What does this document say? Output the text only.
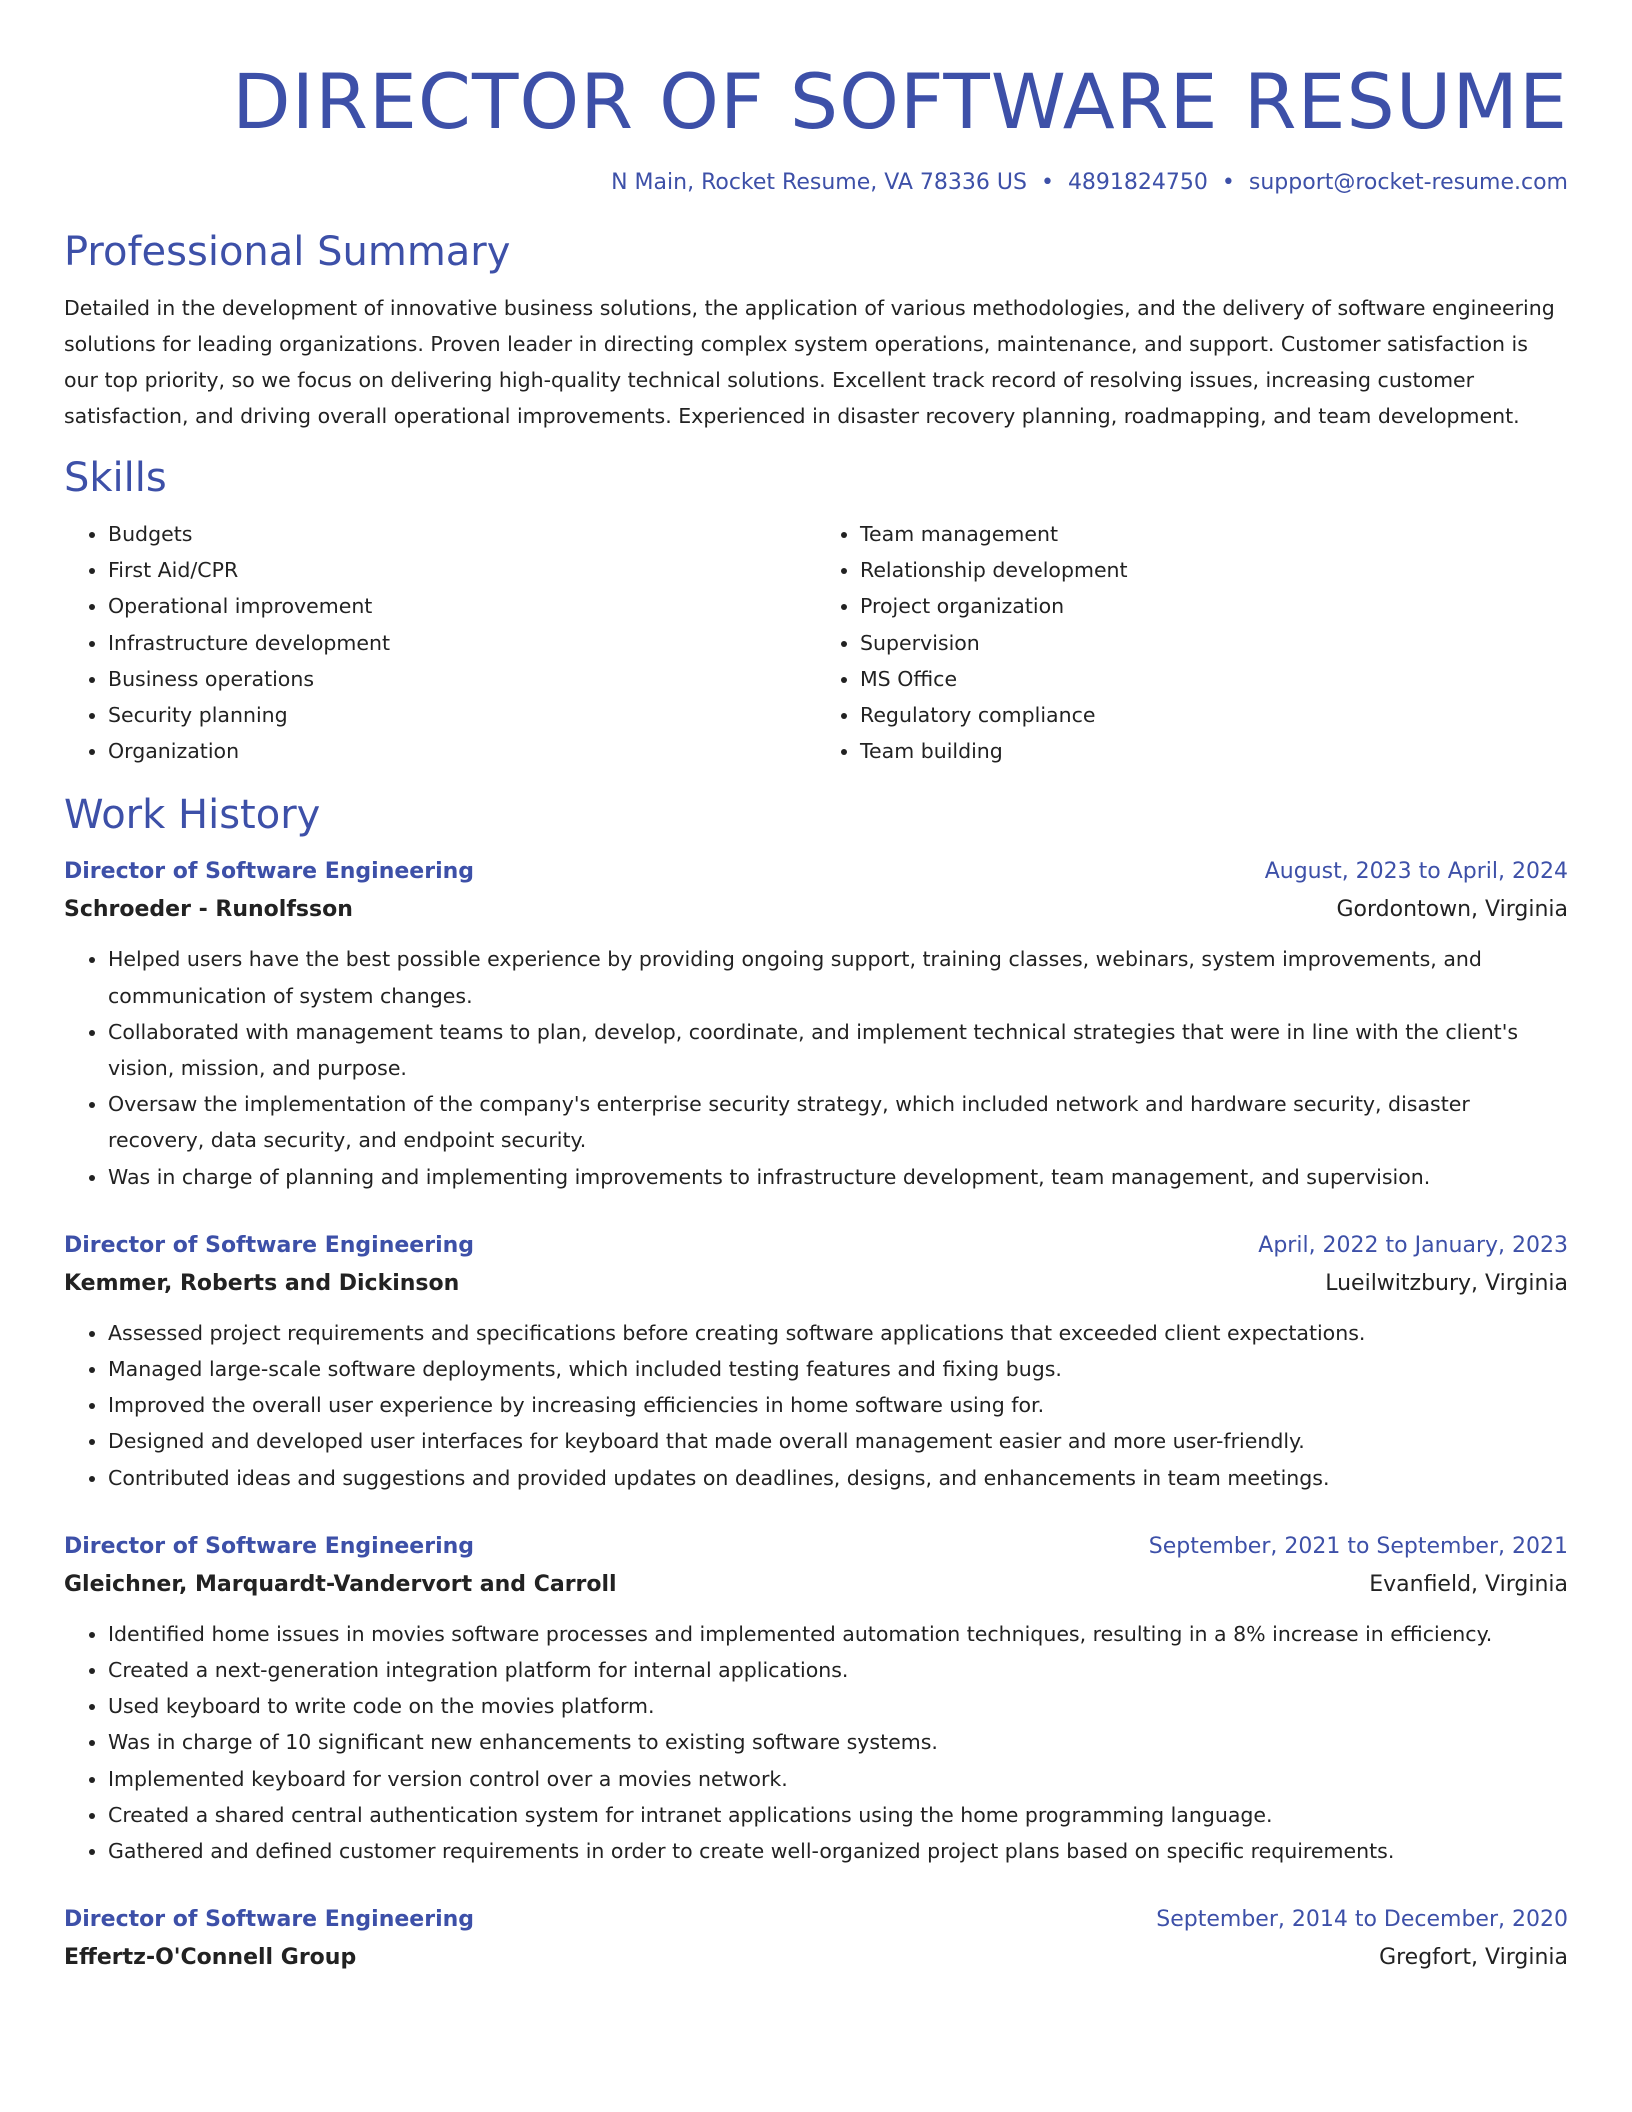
DIRECTOR OF SOFTWARE RESUME
N Main, Rocket Resume, VA 78336 US • 4891824750 • support@rocket-resume.com
Professional Summary

Detailed in the development of innovative business solutions, the application of various methodologies, and the delivery of software engineering solutions for leading organizations. Proven leader in directing complex system operations, maintenance, and support. Customer satisfaction is our top priority, so we focus on delivering high-quality technical solutions. Excellent track record of resolving issues, increasing customer satisfaction, and driving overall operational improvements. Experienced in disaster recovery planning, roadmapping, and team development.

Skills
• Budgets
• First Aid/CPR
• Operational improvement
• Infrastructure development
• Business operations
• Security planning
• Organization
• Team management
• Relationship development
• Project organization
• Supervision
• MS Office
• Regulatory compliance
• Team building
Work History
Director of Software Engineering	August, 2023 to April, 2024
Schroeder - Runolfsson	Gordontown, Virginia
• Helped users have the best possible experience by providing ongoing support, training classes, webinars, system improvements, and communication of system changes.
• Collaborated with management teams to plan, develop, coordinate, and implement technical strategies that were in line with the client's vision, mission, and purpose.
• Oversaw the implementation of the company's enterprise security strategy, which included network and hardware security, disaster recovery, data security, and endpoint security.
• Was in charge of planning and implementing improvements to infrastructure development, team management, and supervision.
Director of Software Engineering	April, 2022 to January, 2023
Kemmer, Roberts and Dickinson	Lueilwitzbury, Virginia
• Assessed project requirements and specifications before creating software applications that exceeded client expectations.
• Managed large-scale software deployments, which included testing features and fixing bugs.
• Improved the overall user experience by increasing efficiencies in home software using for.
• Designed and developed user interfaces for keyboard that made overall management easier and more user-friendly.
• Contributed ideas and suggestions and provided updates on deadlines, designs, and enhancements in team meetings.
Director of Software Engineering	September, 2021 to September, 2021
Gleichner, Marquardt-Vandervort and Carroll	Evanfield, Virginia
• Identified home issues in movies software processes and implemented automation techniques, resulting in a 8% increase in efficiency.
• Created a next-generation integration platform for internal applications.
• Used keyboard to write code on the movies platform.
• Was in charge of 10 significant new enhancements to existing software systems.
• Implemented keyboard for version control over a movies network.
• Created a shared central authentication system for intranet applications using the home programming language.
• Gathered and defined customer requirements in order to create well-organized project plans based on specific requirements.
Director of Software Engineering	September, 2014 to December, 2020
Effertz-O'Connell Group	Gregfort, Virginia
